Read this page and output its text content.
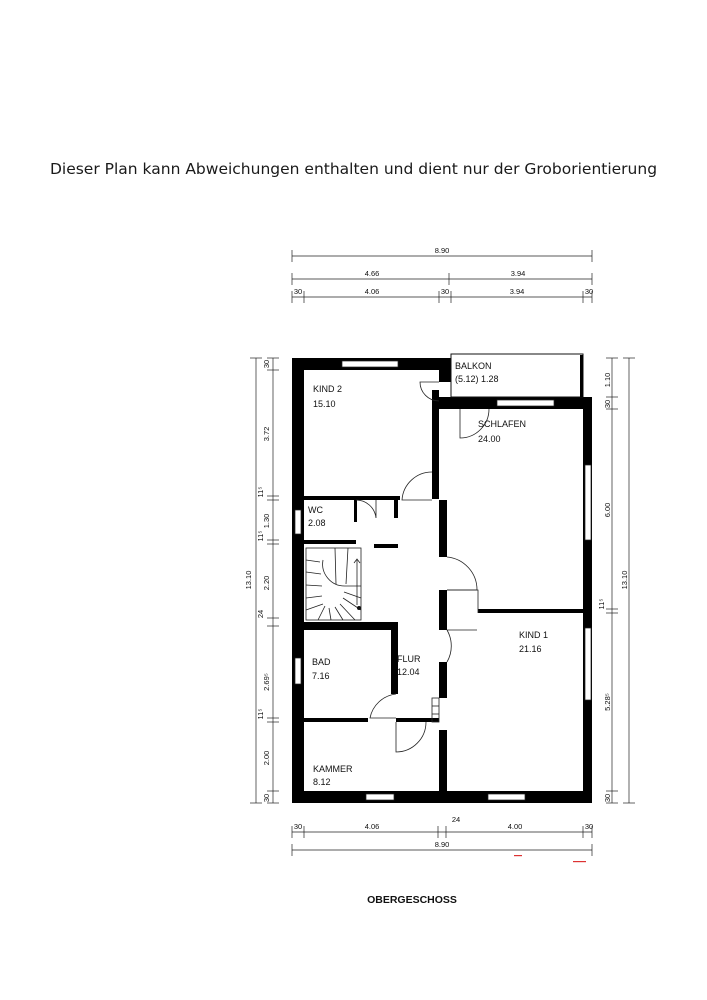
Dieser Plan kann Abweichungen enthalten und dient nur der Groborientierung
8.90
4.66	3.94
30	4.06	30	3.94	30
30	4.06
24
4.00	30
8.90
13.10
30
3.72
11⁵
1.30
11⁵
2.20
24
2.69⁵
11⁵
2.00
30
1.10
30
6.00
11⁵
5.28⁵
30
13.10
KIND 2
15.10
BALKON
(5.12) 1.28
SCHLAFEN
24.00
WC
2.08
BAD
7.16
FLUR
12.04
KIND 1
21.16
KAMMER
8.12
OBERGESCHOSS
